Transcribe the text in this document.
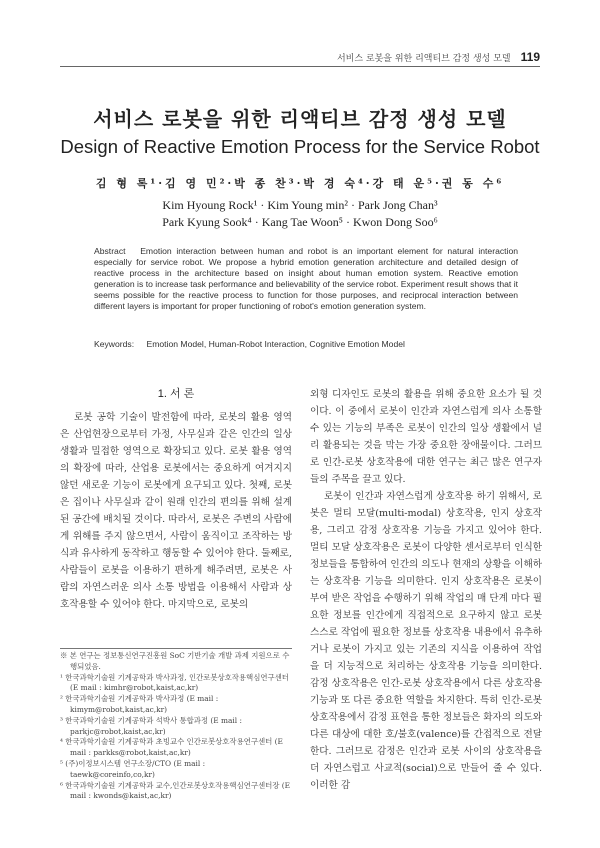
서비스 로봇을 위한 리액티브 감정 생성 모델 119
서비스 로봇을 위한 리액티브 감정 생성 모델
Design of Reactive Emotion Process for the Service Robot
김 형 록¹·김 영 민²·박 종 찬³·박 경 숙⁴·강 태 운⁵·권 동 수⁶
Kim Hyoung Rock¹ · Kim Young min² · Park Jong Chan³
Park Kyung Sook⁴ · Kang Tae Woon⁵ · Kwon Dong Soo⁶
Abstract Emotion interaction between human and robot is an important element for natural interaction especially for service robot. We propose a hybrid emotion generation architecture and detailed design of reactive process in the architecture based on insight about human emotion system. Reactive emotion generation is to increase task performance and believability of the service robot. Experiment result shows that it seems possible for the reactive process to function for those purposes, and reciprocal interaction between different layers is important for proper functioning of robot's emotion generation system.
Keywords: Emotion Model, Human-Robot Interaction, Cognitive Emotion Model
1. 서 론

로봇 공학 기술이 발전함에 따라, 로봇의 활용 영역은 산업현장으로부터 가정, 사무실과 같은 인간의 일상생활과 밀접한 영역으로 확장되고 있다. 로봇 활용 영역의 확장에 따라, 산업용 로봇에서는 중요하게 여겨지지 않던 새로운 기능이 로봇에게 요구되고 있다. 첫째, 로봇은 집이나 사무실과 같이 원래 인간의 편의를 위해 설계된 공간에 배치될 것이다. 따라서, 로봇은 주변의 사람에게 위해를 주지 않으면서, 사람이 움직이고 조작하는 방식과 유사하게 동작하고 행동할 수 있어야 한다. 둘째로, 사람들이 로봇을 이용하기 편하게 해주려면, 로봇은 사람의 자연스러운 의사 소통 방법을 이용해서 사람과 상호작용할 수 있어야 한다. 마지막으로, 로봇의

외형 디자인도 로봇의 활용을 위해 중요한 요소가 될 것이다. 이 중에서 로봇이 인간과 자연스럽게 의사 소통할 수 있는 기능의 부족은 로봇이 인간의 일상 생활에서 널리 활용되는 것을 막는 가장 중요한 장애물이다. 그러므로 인간-로봇 상호작용에 대한 연구는 최근 많은 연구자들의 주목을 끌고 있다.

로봇이 인간과 자연스럽게 상호작용 하기 위해서, 로봇은 멀티 모달(multi-modal) 상호작용, 인지 상호작용, 그리고 감정 상호작용 기능을 가지고 있어야 한다. 멀티 모달 상호작용은 로봇이 다양한 센서로부터 인식한 정보들을 통합하여 인간의 의도나 현재의 상황을 이해하는 상호작용 기능을 의미한다. 인지 상호작용은 로봇이 부여 받은 작업을 수행하기 위해 작업의 매 단계 마다 필요한 정보를 인간에게 직접적으로 요구하지 않고 로봇 스스로 작업에 필요한 정보를 상호작용 내용에서 유추하거나 로봇이 가지고 있는 기존의 지식을 이용하여 작업을 더 지능적으로 처리하는 상호작용 기능을 의미한다. 감정 상호작용은 인간-로봇 상호작용에서 다른 상호작용 기능과 또 다른 중요한 역할을 차지한다. 특히 인간-로봇 상호작용에서 감정 표현을 통한 정보들은 화자의 의도와 다른 대상에 대한 호/불호(valence)를 간접적으로 전달한다. 그러므로 감정은 인간과 로봇 사이의 상호작용을 더 자연스럽고 사교적(social)으로 만들어 줄 수 있다. 이러한 감

※ 본 연구는 정보통신연구진흥원 SoC 기반기술 개발 과제 지원으로 수행되었음.
¹ 한국과학기술원 기계공학과 박사과정, 인간로봇상호작용핵심연구센터 (E mail : kimhr@robot,kaist,ac,kr)
² 한국과학기술원 기계공학과 박사과정 (E mail : kimym@robot,kaist,ac,kr)
³ 한국과학기술원 기계공학과 석박사 통합과정 (E mail : parkjc@robot,kaist,ac,kr)
⁴ 한국과학기술원 기계공학과 초빙교수 인간로봇상호작용연구센터 (E mail : parkks@robot,kaist,ac,kr)
⁵ (주)이정보시스템 연구소장/CTO (E mail : taewk@coreinfo,co,kr)
⁶ 한국과학기술원 기계공학과 교수,인간로봇상호작용핵심연구센터장 (E mail : kwonds@kaist,ac,kr)
